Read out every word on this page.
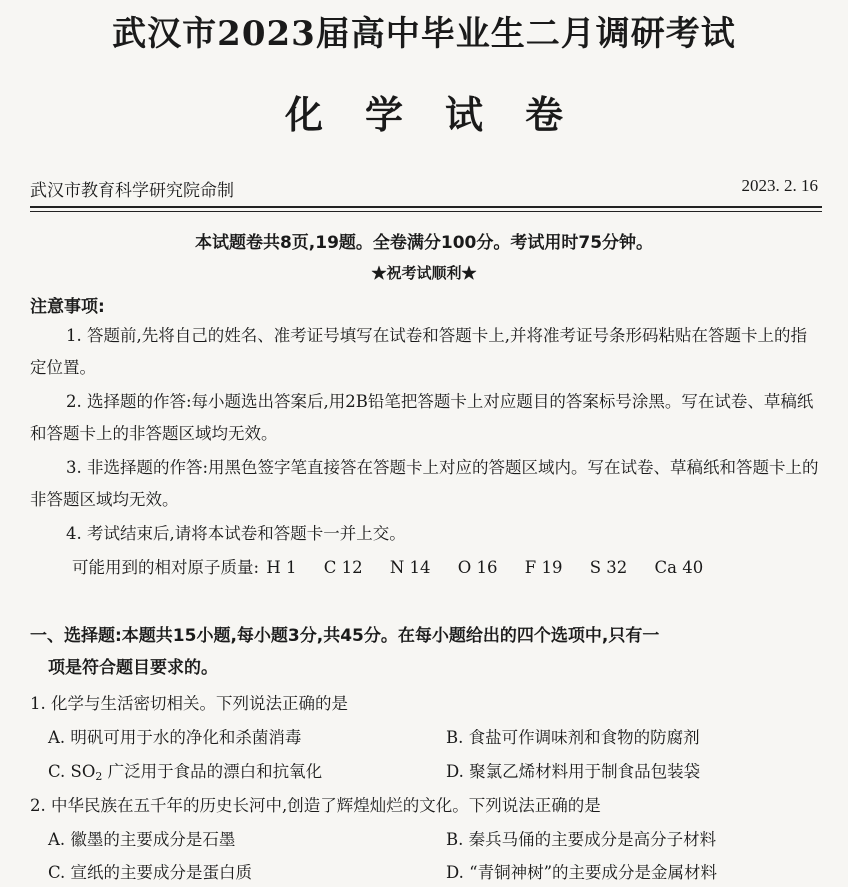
武汉市2023届高中毕业生二月调研考试
化学试卷
武汉市教育科学研究院命制	2023. 2. 16
本试题卷共8页,19题。全卷满分100分。考试用时75分钟。
★祝考试顺利★
注意事项:
1. 答题前,先将自己的姓名、准考证号填写在试卷和答题卡上,并将准考证号条形码粘贴在答题卡上的指定位置。
2. 选择题的作答:每小题选出答案后,用2B铅笔把答题卡上对应题目的答案标号涂黑。写在试卷、草稿纸和答题卡上的非答题区域均无效。
3. 非选择题的作答:用黑色签字笔直接答在答题卡上对应的答题区域内。写在试卷、草稿纸和答题卡上的非答题区域均无效。
4. 考试结束后,请将本试卷和答题卡一并上交。
可能用到的相对原子质量: H 1 C 12 N 14 O 16 F 19 S 32 Ca 40
一、选择题:本题共15小题,每小题3分,共45分。在每小题给出的四个选项中,只有一
项是符合题目要求的。
1. 化学与生活密切相关。下列说法正确的是
A. 明矾可用于水的净化和杀菌消毒	B. 食盐可作调味剂和食物的防腐剂
C. $SO_2$ 广泛用于食品的漂白和抗氧化	D. 聚氯乙烯材料用于制食品包装袋
2. 中华民族在五千年的历史长河中,创造了辉煌灿烂的文化。下列说法正确的是
A. 徽墨的主要成分是石墨	B. 秦兵马俑的主要成分是高分子材料
C. 宣纸的主要成分是蛋白质	D. “青铜神树”的主要成分是金属材料
